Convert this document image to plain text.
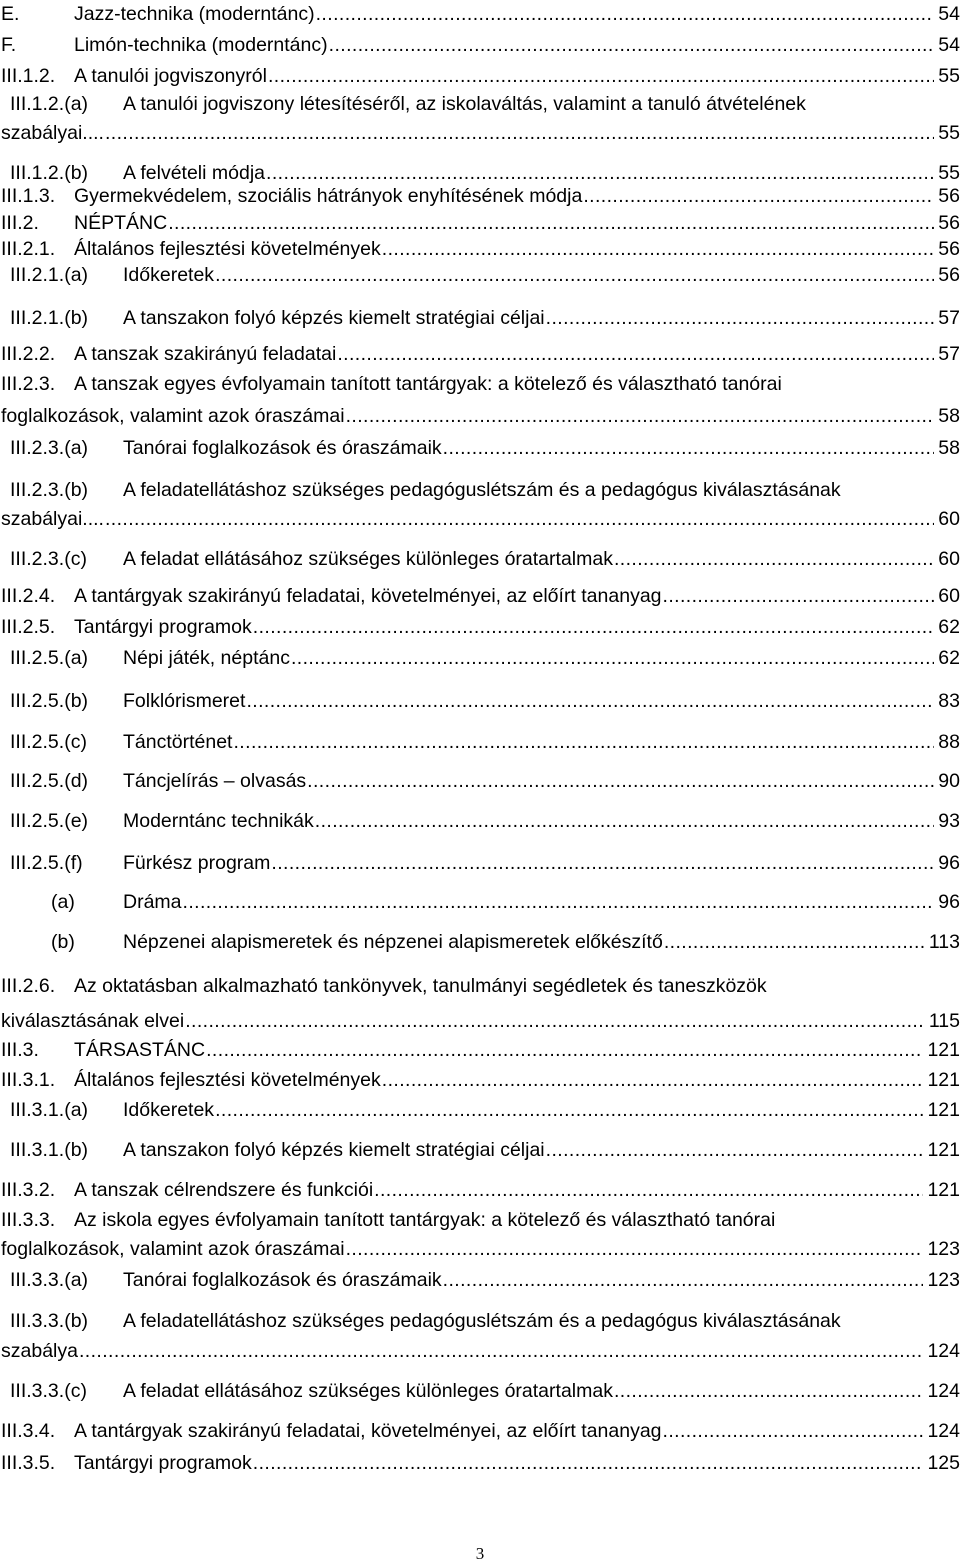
E.	Jazz-technika (moderntánc)	54
.....
F.	Limón-technika (moderntánc)	54
.....
III.1.2. A tanulói jogviszonyról	55
.....
III.1.2.(a) A tanulói jogviszony létesítéséről, az iskolaváltás, valamint a tanuló átvételének
szabályai....	55
.....
III.1.2.(b) A felvételi módja	55
.....
III.1.3. Gyermekvédelem, szociális hátrányok enyhítésének módja	56
.....
III.2. NÉPTÁNC	56
.....
III.2.1. Általános fejlesztési követelmények	56
.....
III.2.1.(a) Időkeretek	56
.....
III.2.1.(b) A tanszakon folyó képzés kiemelt stratégiai céljai	57
.....
III.2.2. A tanszak szakirányú feladatai	57
.....
III.2.3. A tanszak egyes évfolyamain tanított tantárgyak: a kötelező és választható tanórai
foglalkozások, valamint azok óraszámai	58
.....
III.2.3.(a) Tanórai foglalkozások és óraszámaik	58
.....
III.2.3.(b) A feladatellátáshoz szükséges pedagóguslétszám és a pedagógus kiválasztásának
szabályai....	60
.....
III.2.3.(c) A feladat ellátásához szükséges különleges óratartalmak	60
.....
III.2.4. A tantárgyak szakirányú feladatai, követelményei, az előírt tananyag	60
.....
III.2.5. Tantárgyi programok	62
.....
III.2.5.(a) Népi játék, néptánc	62
.....
III.2.5.(b) Folklórismeret	83
.....
III.2.5.(c) Tánctörténet	88
.....
III.2.5.(d) Táncjelírás – olvasás	90
.....
III.2.5.(e) Moderntánc technikák	93
.....
III.2.5.(f) Fürkész program	96
.....
(a) Dráma	96
.....
(b) Népzenei alapismeretek és népzenei alapismeretek előkészítő	113
.....
III.2.6. Az oktatásban alkalmazható tankönyvek, tanulmányi segédletek és taneszközök
kiválasztásának elvei	115
.....
III.3. TÁRSASTÁNC	121
.....
III.3.1. Általános fejlesztési követelmények	121
.....
III.3.1.(a) Időkeretek	121
.....
III.3.1.(b) A tanszakon folyó képzés kiemelt stratégiai céljai	121
.....
III.3.2. A tanszak célrendszere és funkciói	121
.....
III.3.3. Az iskola egyes évfolyamain tanított tantárgyak: a kötelező és választható tanórai
foglalkozások, valamint azok óraszámai	123
.....
III.3.3.(a) Tanórai foglalkozások és óraszámaik	123
.....
III.3.3.(b) A feladatellátáshoz szükséges pedagóguslétszám és a pedagógus kiválasztásának
szabálya	124
.....
III.3.3.(c) A feladat ellátásához szükséges különleges óratartalmak	124
.....
III.3.4. A tantárgyak szakirányú feladatai, követelményei, az előírt tananyag	124
.....
III.3.5. Tantárgyi programok	125
.....
3
